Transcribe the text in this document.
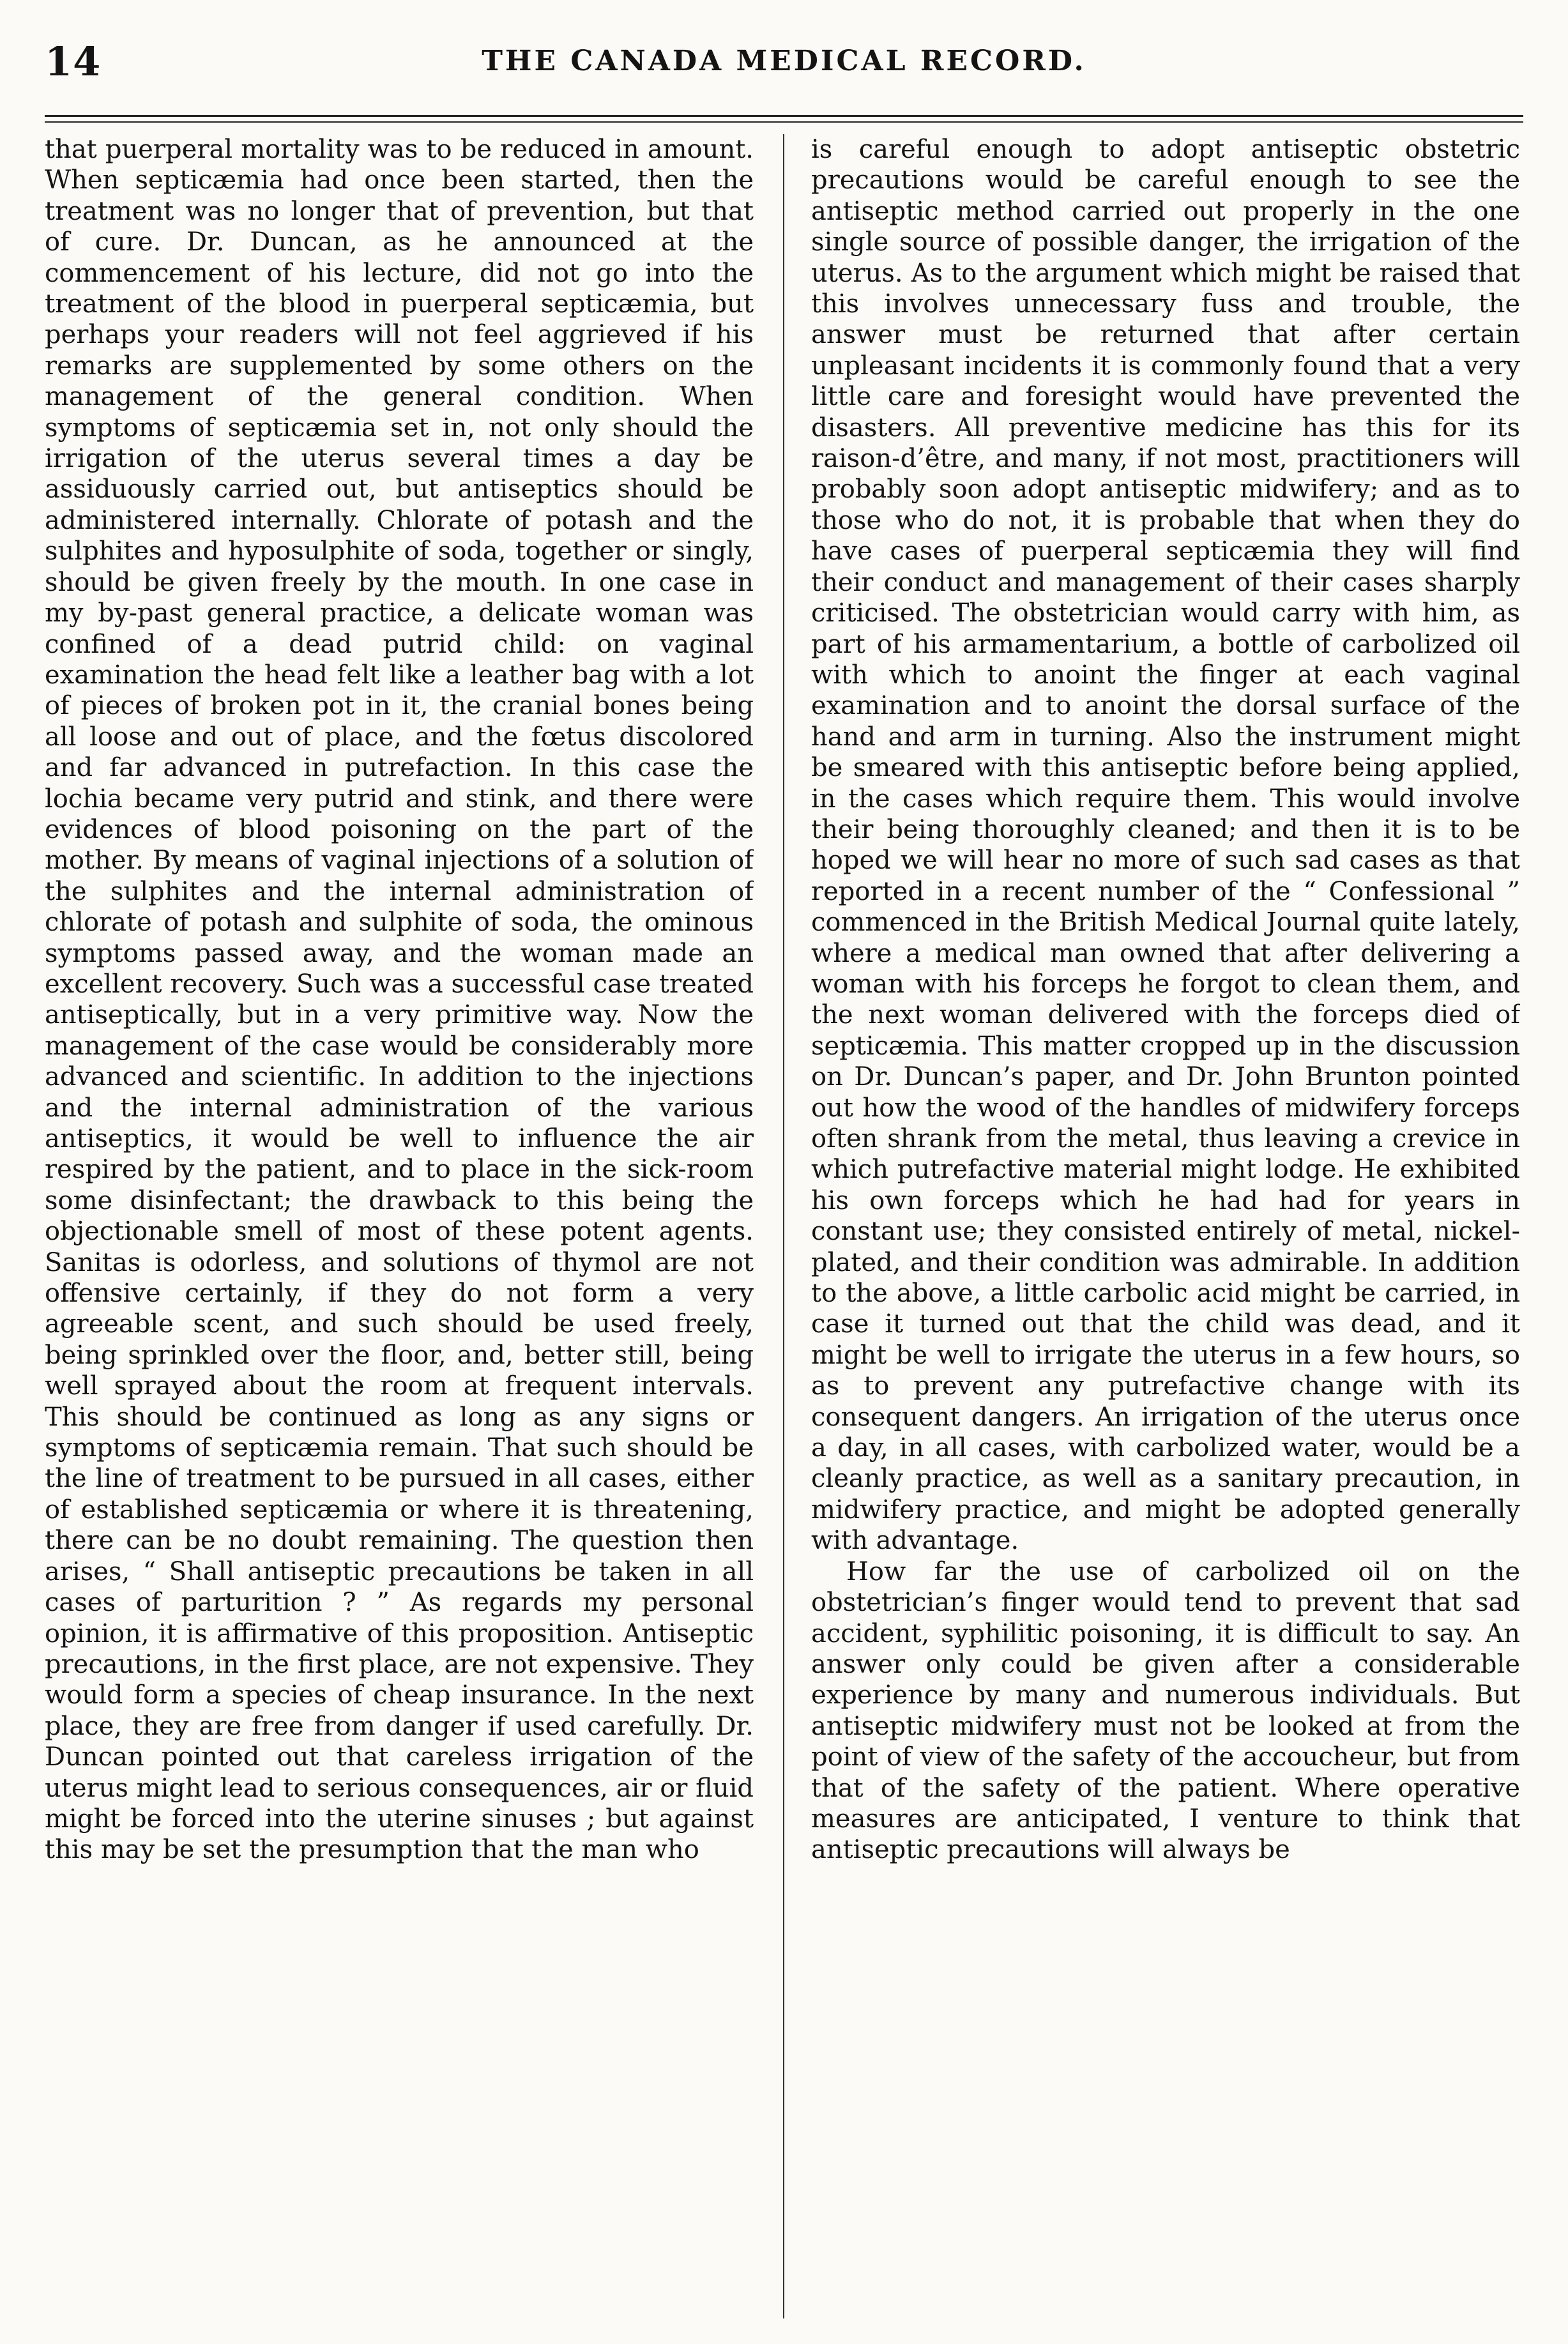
14	THE CANADA MEDICAL RECORD.

that puerperal mortality was to be reduced in amount. When septicæmia had once been started, then the treatment was no longer that of prevention, but that of cure. Dr. Duncan, as he announced at the commencement of his lecture, did not go into the treatment of the blood in puerperal septicæmia, but perhaps your readers will not feel aggrieved if his remarks are supplemented by some others on the management of the general condition. When symptoms of septicæmia set in, not only should the irrigation of the uterus several times a day be assiduously carried out, but antiseptics should be administered internally. Chlorate of potash and the sulphites and hyposulphite of soda, together or singly, should be given freely by the mouth. In one case in my by-past general practice, a delicate woman was confined of a dead putrid child: on vaginal examination the head felt like a leather bag with a lot of pieces of broken pot in it, the cranial bones being all loose and out of place, and the fœtus discolored and far advanced in putrefaction. In this case the lochia became very putrid and stink, and there were evidences of blood poisoning on the part of the mother. By means of vaginal injections of a solution of the sulphites and the internal administration of chlorate of potash and sulphite of soda, the ominous symptoms passed away, and the woman made an excellent recovery. Such was a successful case treated antiseptically, but in a very primitive way. Now the management of the case would be considerably more advanced and scientific. In addition to the injections and the internal administration of the various antiseptics, it would be well to influence the air respired by the patient, and to place in the sick-room some disinfectant; the drawback to this being the objectionable smell of most of these potent agents. Sanitas is odorless, and solutions of thymol are not offensive certainly, if they do not form a very agreeable scent, and such should be used freely, being sprinkled over the floor, and, better still, being well sprayed about the room at frequent intervals. This should be continued as long as any signs or symptoms of septicæmia remain. That such should be the line of treatment to be pursued in all cases, either of established septicæmia or where it is threatening, there can be no doubt remaining. The question then arises, “ Shall antiseptic precautions be taken in all cases of parturition ? ” As regards my personal opinion, it is affirmative of this proposition. Antiseptic precautions, in the first place, are not expensive. They would form a species of cheap insurance. In the next place, they are free from danger if used carefully. Dr. Duncan pointed out that careless irrigation of the uterus might lead to serious consequences, air or fluid might be forced into the uterine sinuses ; but against this may be set the presumption that the man who

is careful enough to adopt antiseptic obstetric precautions would be careful enough to see the antiseptic method carried out properly in the one single source of possible danger, the irrigation of the uterus. As to the argument which might be raised that this involves unnecessary fuss and trouble, the answer must be returned that after certain unpleasant incidents it is commonly found that a very little care and foresight would have prevented the disasters. All preventive medicine has this for its raison-d’être, and many, if not most, practitioners will probably soon adopt antiseptic midwifery; and as to those who do not, it is probable that when they do have cases of puerperal septicæmia they will find their conduct and management of their cases sharply criticised. The obstetrician would carry with him, as part of his armamentarium, a bottle of carbolized oil with which to anoint the finger at each vaginal examination and to anoint the dorsal surface of the hand and arm in turning. Also the instrument might be smeared with this antiseptic before being applied, in the cases which require them. This would involve their being thoroughly cleaned; and then it is to be hoped we will hear no more of such sad cases as that reported in a recent number of the “ Confessional ” commenced in the British Medical Journal quite lately, where a medical man owned that after delivering a woman with his forceps he forgot to clean them, and the next woman delivered with the forceps died of septicæmia. This matter cropped up in the discussion on Dr. Duncan’s paper, and Dr. John Brunton pointed out how the wood of the handles of midwifery forceps often shrank from the metal, thus leaving a crevice in which putrefactive material might lodge. He exhibited his own forceps which he had had for years in constant use; they consisted entirely of metal, nickel-plated, and their condition was admirable. In addition to the above, a little carbolic acid might be carried, in case it turned out that the child was dead, and it might be well to irrigate the uterus in a few hours, so as to prevent any putrefactive change with its consequent dangers. An irrigation of the uterus once a day, in all cases, with carbolized water, would be a cleanly practice, as well as a sanitary precaution, in midwifery practice, and might be adopted generally with advantage.

How far the use of carbolized oil on the obstetrician’s finger would tend to prevent that sad accident, syphilitic poisoning, it is difficult to say. An answer only could be given after a considerable experience by many and numerous individuals. But antiseptic midwifery must not be looked at from the point of view of the safety of the accoucheur, but from that of the safety of the patient. Where operative measures are anticipated, I venture to think that antiseptic precautions will always be
